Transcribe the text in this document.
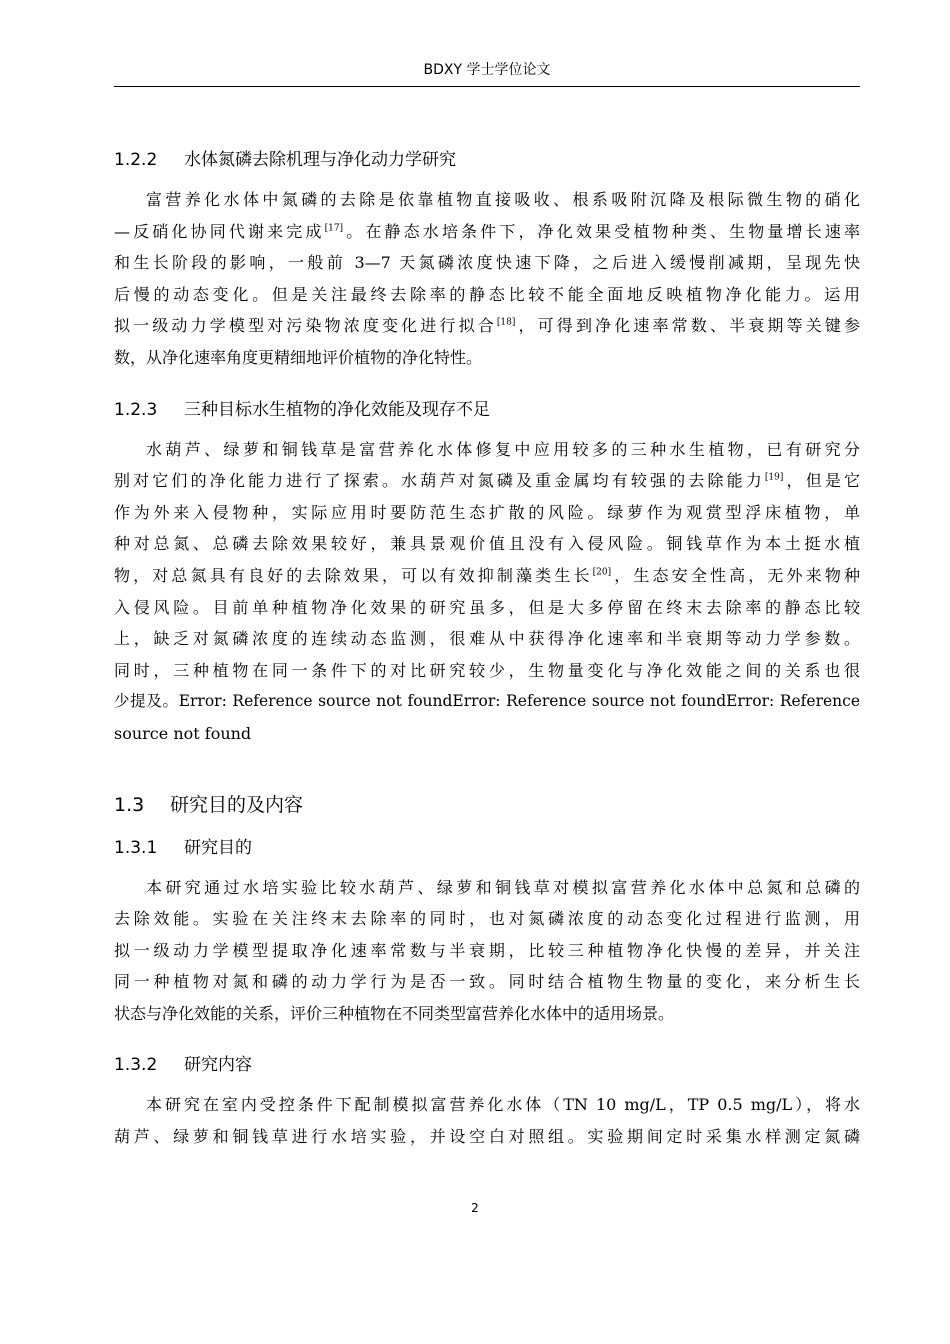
BDXY 学士学位论文
1.2.2 水体氮磷去除机理与净化动力学研究
富营养化水体中氮磷的去除是依靠植物直接吸收、根系吸附沉降及根际微生物的硝化
—反硝化协同代谢来完成[17]。在静态水培条件下，净化效果受植物种类、生物量增长速率
和生长阶段的影响，一般前 3—7 天氮磷浓度快速下降，之后进入缓慢削减期，呈现先快
后慢的动态变化。但是关注最终去除率的静态比较不能全面地反映植物净化能力。运用
拟一级动力学模型对污染物浓度变化进行拟合[18]，可得到净化速率常数、半衰期等关键参
数，从净化速率角度更精细地评价植物的净化特性。
1.2.3 三种目标水生植物的净化效能及现存不足
水葫芦、绿萝和铜钱草是富营养化水体修复中应用较多的三种水生植物，已有研究分
别对它们的净化能力进行了探索。水葫芦对氮磷及重金属均有较强的去除能力[19]，但是它
作为外来入侵物种，实际应用时要防范生态扩散的风险。绿萝作为观赏型浮床植物，单
种对总氮、总磷去除效果较好，兼具景观价值且没有入侵风险。铜钱草作为本土挺水植
物，对总氮具有良好的去除效果，可以有效抑制藻类生长[20]，生态安全性高，无外来物种
入侵风险。目前单种植物净化效果的研究虽多，但是大多停留在终末去除率的静态比较
上，缺乏对氮磷浓度的连续动态监测，很难从中获得净化速率和半衰期等动力学参数。
同时，三种植物在同一条件下的对比研究较少，生物量变化与净化效能之间的关系也很
少提及。Error: Reference source not foundError: Reference source not foundError: Reference
source not found
1.3 研究目的及内容
1.3.1 研究目的
本研究通过水培实验比较水葫芦、绿萝和铜钱草对模拟富营养化水体中总氮和总磷的
去除效能。实验在关注终末去除率的同时，也对氮磷浓度的动态变化过程进行监测，用
拟一级动力学模型提取净化速率常数与半衰期，比较三种植物净化快慢的差异，并关注
同一种植物对氮和磷的动力学行为是否一致。同时结合植物生物量的变化，来分析生长
状态与净化效能的关系，评价三种植物在不同类型富营养化水体中的适用场景。
1.3.2 研究内容
本研究在室内受控条件下配制模拟富营养化水体（TN 10 mg/L，TP 0.5 mg/L），将水
葫芦、绿萝和铜钱草进行水培实验，并设空白对照组。实验期间定时采集水样测定氮磷
2
